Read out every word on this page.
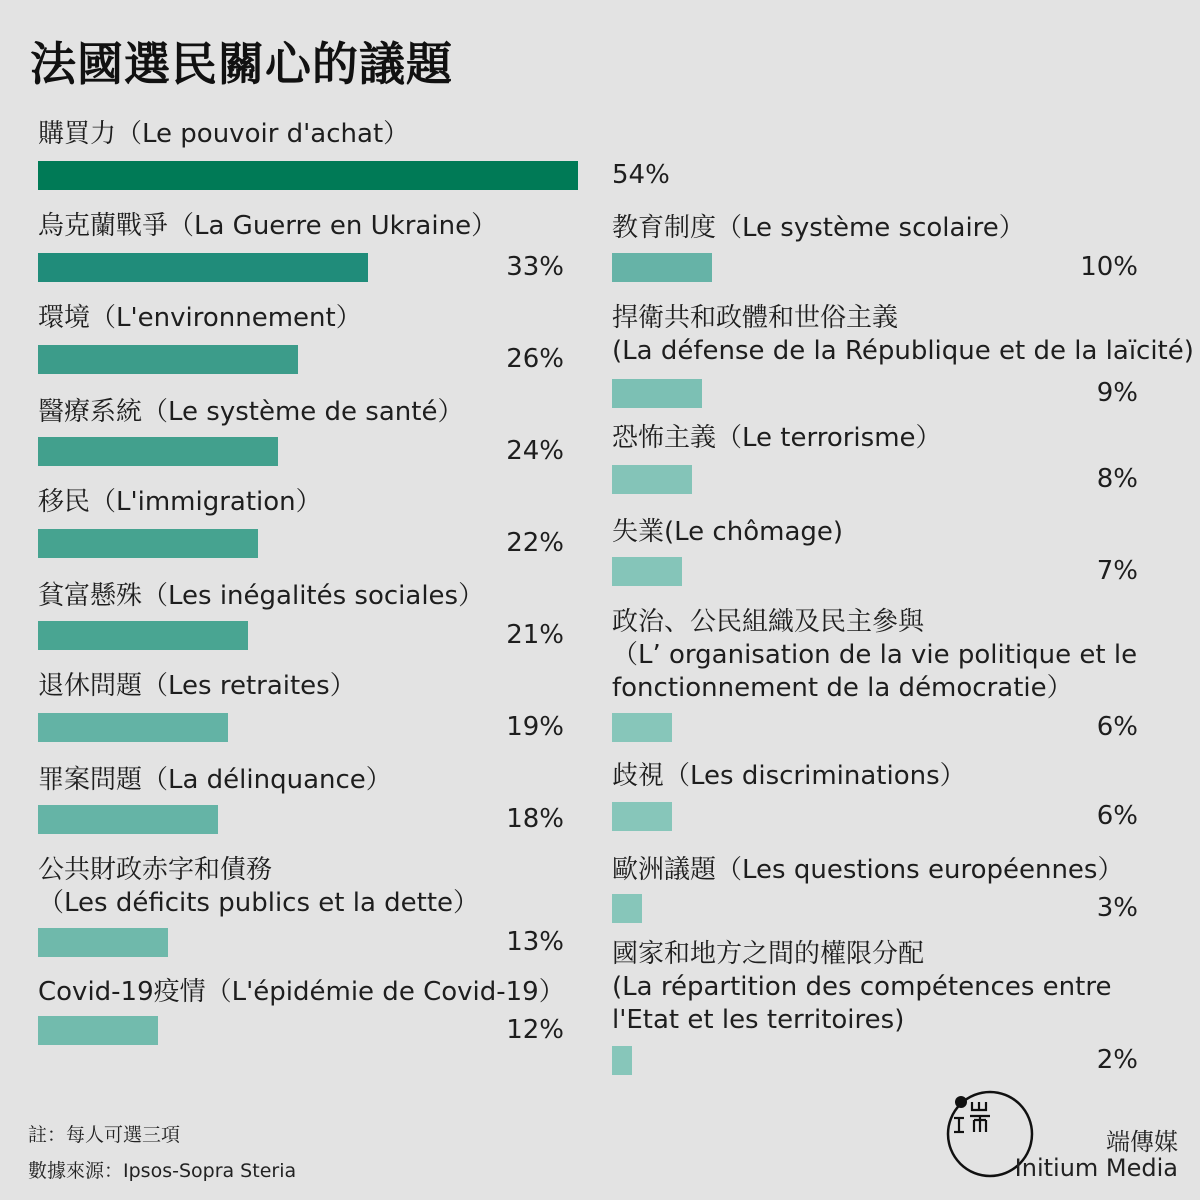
法國選民關心的議題
購買力（Le pouvoir d'achat）
54%
烏克蘭戰爭（La Guerre en Ukraine）
33%
環境（L'environnement）
26%
醫療系統（Le système de santé）
24%
移民（L'immigration）
22%
貧富懸殊（Les inégalités sociales）
21%
退休問題（Les retraites）
19%
罪案問題（La délinquance）
18%
公共財政赤字和債務
（Les déficits publics et la dette）
13%
Covid-19疫情（L'épidémie de Covid-19）
12%
教育制度（Le système scolaire）
10%
捍衛共和政體和世俗主義
(La défense de la République et de la laïcité)
9%
恐怖主義（Le terrorisme）
8%
失業(Le chômage)
7%
政治、公民組織及民主參與
（L’ organisation de la vie politique et le
fonctionnement de la démocratie）
6%
歧視（Les discriminations）
6%
歐洲議題（Les questions européennes）
3%
國家和地方之間的權限分配
(La répartition des compétences entre
l'Etat et les territoires)
2%
註：每人可選三項
數據來源：Ipsos-Sopra Steria
端傳媒
Initium Media
